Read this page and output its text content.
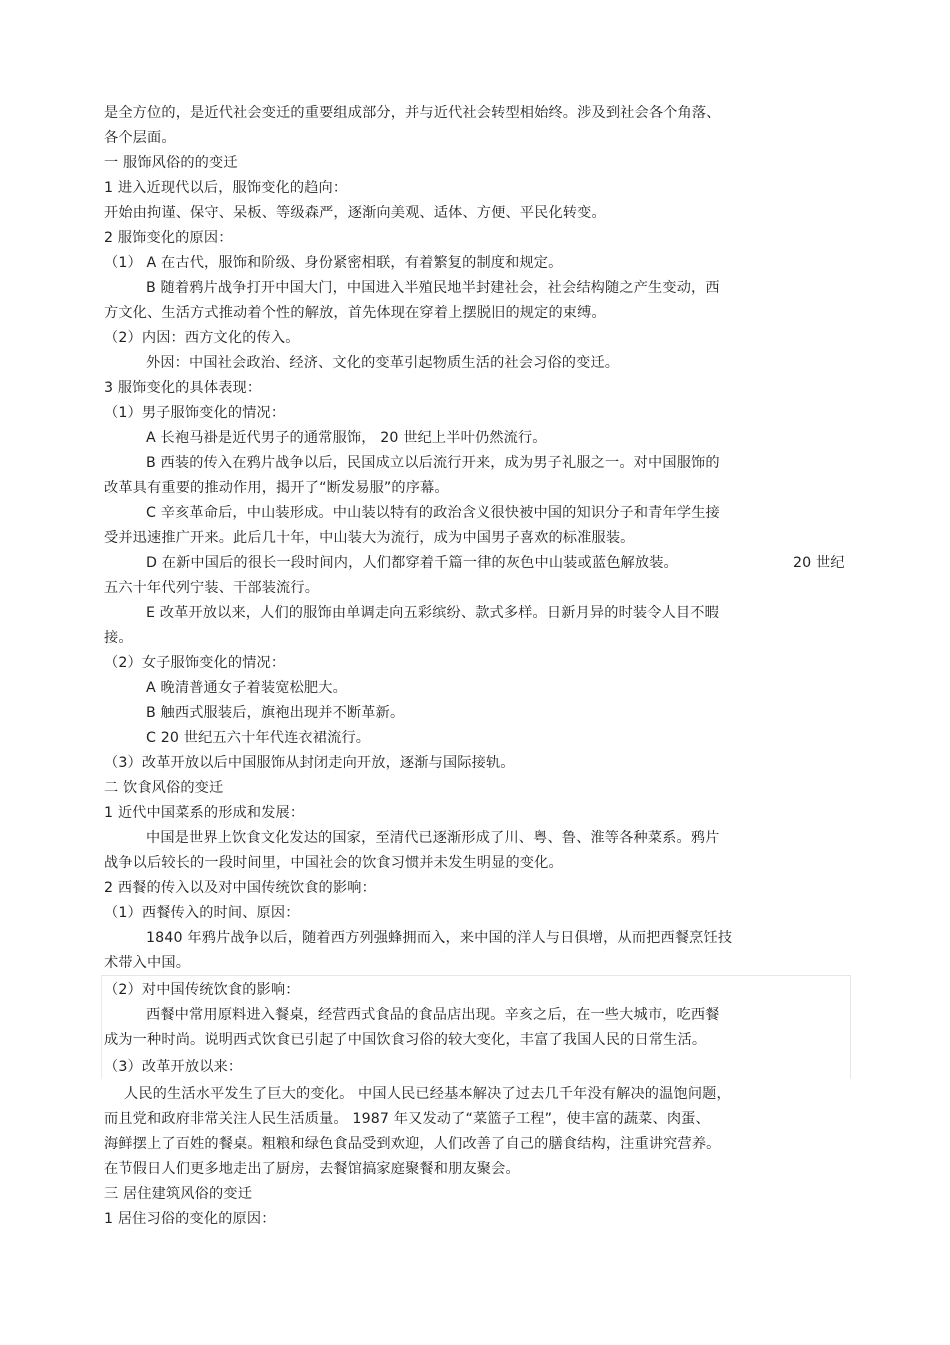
是全方位的，是近代社会变迁的重要组成部分，并与近代社会转型相始终。涉及到社会各个角落、
各个层面。
一 服饰风俗的的变迁
1 进入近现代以后，服饰变化的趋向：
开始由拘谨、保守、呆板、等级森严，逐渐向美观、适体、方便、平民化转变。
2 服饰变化的原因：
（1） A 在古代，服饰和阶级、身份紧密相联，有着繁复的制度和规定。
B 随着鸦片战争打开中国大门，中国进入半殖民地半封建社会，社会结构随之产生变动，西
方文化、生活方式推动着个性的解放，首先体现在穿着上摆脱旧的规定的束缚。
（2）内因：西方文化的传入。
外因：中国社会政治、经济、文化的变革引起物质生活的社会习俗的变迁。
3 服饰变化的具体表现：
（1）男子服饰变化的情况：
A 长袍马褂是近代男子的通常服饰， 20 世纪上半叶仍然流行。
B 西装的传入在鸦片战争以后，民国成立以后流行开来，成为男子礼服之一。对中国服饰的
改革具有重要的推动作用，揭开了“断发易服”的序幕。
C 辛亥革命后，中山装形成。中山装以特有的政治含义很快被中国的知识分子和青年学生接
受并迅速推广开来。此后几十年，中山装大为流行，成为中国男子喜欢的标准服装。
D 在新中国后的很长一段时间内，人们都穿着千篇一律的灰色中山装或蓝色解放装。	20 世纪
五六十年代列宁装、干部装流行。
E 改革开放以来，人们的服饰由单调走向五彩缤纷、款式多样。日新月异的时装令人目不暇
接。
（2）女子服饰变化的情况：
A 晚清普通女子着装宽松肥大。
B 触西式服装后，旗袍出现并不断革新。
C 20 世纪五六十年代连衣裙流行。
（3）改革开放以后中国服饰从封闭走向开放，逐渐与国际接轨。
二 饮食风俗的变迁
1 近代中国菜系的形成和发展：
中国是世界上饮食文化发达的国家，至清代已逐渐形成了川、粤、鲁、淮等各种菜系。鸦片
战争以后较长的一段时间里，中国社会的饮食习惯并未发生明显的变化。
2 西餐的传入以及对中国传统饮食的影响：
（1）西餐传入的时间、原因：
1840 年鸦片战争以后，随着西方列强蜂拥而入，来中国的洋人与日俱增，从而把西餐烹饪技
术带入中国。
（2）对中国传统饮食的影响：
西餐中常用原料进入餐桌，经营西式食品的食品店出现。辛亥之后，在一些大城市，吃西餐
成为一种时尚。说明西式饮食已引起了中国饮食习俗的较大变化，丰富了我国人民的日常生活。
（3）改革开放以来：
人民的生活水平发生了巨大的变化。 中国人民已经基本解决了过去几千年没有解决的温饱问题，
而且党和政府非常关注人民生活质量。 1987 年又发动了“菜篮子工程”，使丰富的蔬菜、肉蛋、
海鲜摆上了百姓的餐桌。粗粮和绿色食品受到欢迎，人们改善了自己的膳食结构，注重讲究营养。
在节假日人们更多地走出了厨房，去餐馆搞家庭聚餐和朋友聚会。
三 居住建筑风俗的变迁
1 居住习俗的变化的原因：
